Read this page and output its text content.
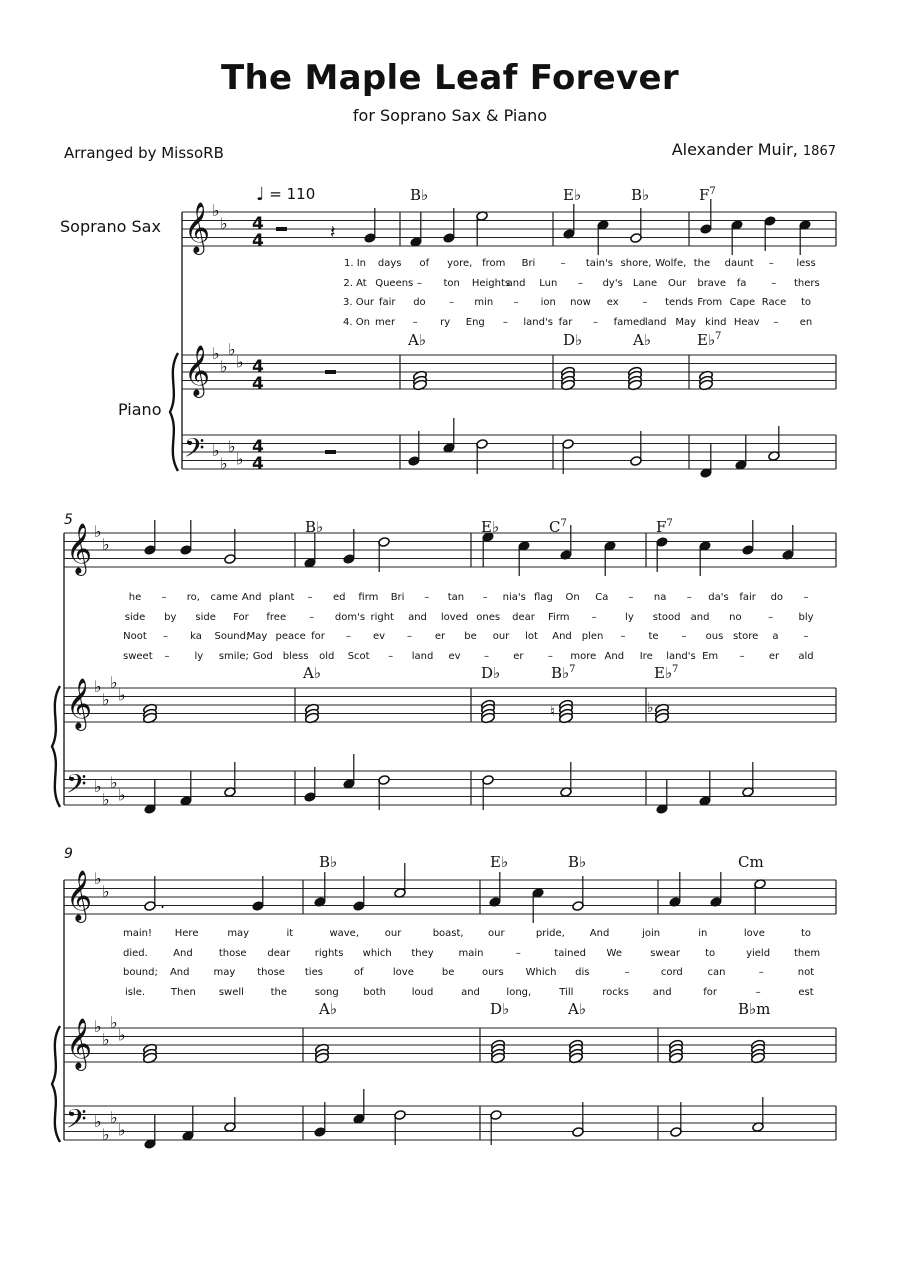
The Maple Leaf Forever
for Soprano Sax & Piano
Arranged by MissoRB	Alexander Muir, 1867
♩ = 110
Soprano Sax
Piano
5
9
𝄞
𝄞
𝄢
♭
♭
♭
♭
♭
♭
♭
♭
♭
♭
4
4
4
4
4
4
𝄞
𝄞
𝄢
♭
♭
♭
♭
♭
♭
♭
♭
♭
♭
𝄞
𝄞
𝄢
♭
♭
♭
♭
♭
♭
♭
♭
♭
♭
𝄽
♮	♭
.
B♭	E♭	B♭	$F^7$
A♭	D♭	A♭	E♭$^7$
1. In days	of	yore, from	Bri	–	tain's shore, Wolfe, the	daunt	–	less
2. At Queens –	ton	Heights
and Lun	–	dy's Lane Our brave	fa	–	thers
3. Our fair	do	–	min	–	ion	now	ex	–	tends From Cape Race	to
4. On mer	–	ry	Eng	–	land's far	–	famed land May kind Heav	–	en
B♭	E♭	$C^7$	$F^7$
A♭	D♭	B♭$^7$	E♭$^7$
he	–	ro,	came And plant	–	ed	firm	Bri	–	tan	–	nia's flag	On	Ca	–	na	–	da's	fair	do	–
side	by	side	For	free	–	dom's right and loved ones dear Firm	–	ly	stood and	no	–	bly
Noot	–	ka	Sound;
May peace for	–	ev	–	er	be	our	lot	And plen	–	te	–	ous store	a	–
sweet	–	ly	smile; God bless	old	Scot	–	land	ev	–	er	–	more And	Ire	land's Em	–	er	ald
B♭	E♭	B♭	Cm
A♭	D♭	A♭	B♭m
main! Here	may	it	wave,	our	boast,	our	pride, And	join	in	love	to
died.	And	those dear rights which they main	–	tained	We	swear	to	yield them
bound; And may those ties	of	love	be	ours Which	dis	–	cord	can	–	not
isle.	Then swell	the	song both	loud	and	long,	Till	rocks and	for	–	est
